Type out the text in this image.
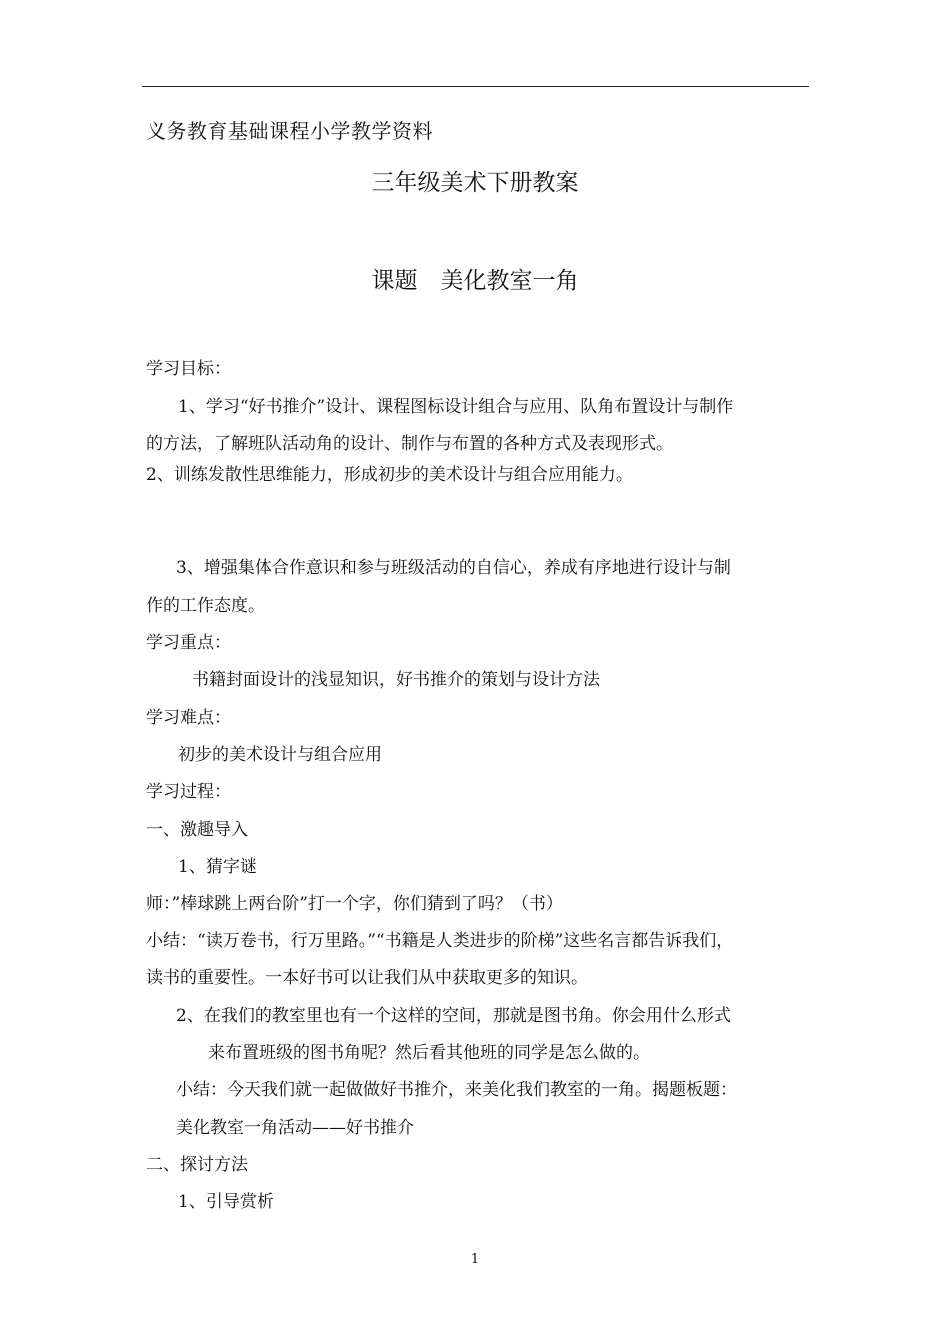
义务教育基础课程小学教学资料
三年级美术下册教案
课题　美化教室一角
学习目标：
1、学习“好书推介”设计、课程图标设计组合与应用、队角布置设计与制作
的方法，了解班队活动角的设计、制作与布置的各种方式及表现形式。
2、训练发散性思维能力，形成初步的美术设计与组合应用能力。
3、增强集体合作意识和参与班级活动的自信心，养成有序地进行设计与制
作的工作态度。
学习重点：
书籍封面设计的浅显知识，好书推介的策划与设计方法
学习难点：
初步的美术设计与组合应用
学习过程：
一、激趣导入
1、猜字谜
师：”棒球跳上两台阶”打一个字，你们猜到了吗？（书）
小结：“读万卷书，行万里路。”“书籍是人类进步的阶梯”这些名言都告诉我们，
读书的重要性。一本好书可以让我们从中获取更多的知识。
2、在我们的教室里也有一个这样的空间，那就是图书角。你会用什么形式
来布置班级的图书角呢？然后看其他班的同学是怎么做的。
小结：今天我们就一起做做好书推介，来美化我们教室的一角。揭题板题：
美化教室一角活动——好书推介
二、探讨方法
1、引导赏析
1
